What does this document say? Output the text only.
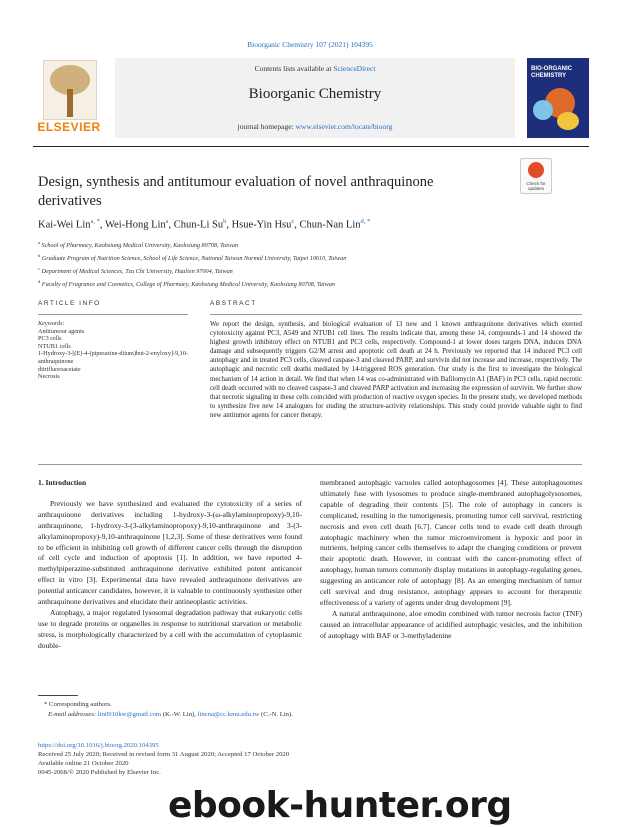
Bioorganic Chemistry 107 (2021) 104395
ELSEVIER
Contents lists available at ScienceDirect
Bioorganic Chemistry
journal homepage: www.elsevier.com/locate/bioorg
BIO-ORGANIC CHEMISTRY
Design, synthesis and antitumour evaluation of novel anthraquinone derivatives
Check for updates
Kai-Wei Lin$^{a, *}$, Wei-Hong Lin$^a$, Chun-Li Su$^b$, Hsue-Yin Hsu$^c$, Chun-Nan Lin$^{d, *}$
$^a$ School of Pharmacy, Kaohsiung Medical University, Kaohsiung 80708, Taiwan
$^b$ Graduate Program of Nutrition Science, School of Life Science, National Taiwan Normal University, Taipei 10610, Taiwan
$^c$ Department of Medical Sciences, Tzu Chi University, Hualien 97004, Taiwan
$^d$ Faculty of Fragrance and Cosmetics, College of Pharmacy, Kaohsiung Medical University, Kaohsiung 80708, Taiwan
ARTICLE INFO	ABSTRACT
Keywords:
Antitumour agents
PC3 cells
NTUB1 cells
1-Hydroxy-3-[(E)-4-(piperazine-diium)but-2-enyloxy]-9,10-anthraquinone
ditrifluoroacetate
Necrosis
We report the design, synthesis, and biological evaluation of 13 new and 1 known anthraquinone derivatives which exerted cytotoxicity against PC3, A549 and NTUB1 cell lines. The results indicate that, among these 14, compounds-1 and 14 showed the highest growth inhibitory effect on NTUB1 and PC3 cells, respectively. Compound-1 at lower doses targets DNA, induces DNA damage and subsequently triggers G2/M arrest and apoptotic cell death at 24 h. Previously we reported that 14 induced PC3 cell autophagy and in treated PC3 cells, cleaved caspase-3 and cleaved PARP, and survivin did not increase and increase, respectively. The autophagic and necrotic cell deaths mediated by 14-triggered ROS generation. Our study is the first to investigate the biological mechanism of 14 action in detail. We find that when 14 was co-administrated with Bafilomycin A1 (BAF) in PC3 cells, rapid necrotic cell death occurred with no cleaved caspase-3 and cleaved PARP activation and increasing the expression of survivin. We further show that necrotic signaling in these cells coincided with production of reactive oxygen species. In the present study, we developed methods to synthesize five new 14 analogues for studing the structure-activity relationships. This study could provide valuable sight to find new antitumor agents for cancer therapy.

1. Introduction

Previously we have synthesized and evaluated the cytotoxicity of a series of anthraquinone derivatives including 1-hydroxy-3-(ω-alkylaminopropoxy)-9,10-anthraquinone, 1-hydroxy-3-(3-alkylaminopropoxy)-9,10-anthraquinone and 3-(3-alkylaminopropoxy)-9,10-anthraquinone [1,2,3]. Some of these derivatives were found to be efficient in inhibiting cell growth of different cancer cells through the disruption of cell cycle and induction of apoptosis [1]. In addition, we have reported 4-methylpiperazine-substituted anthraquinone derivative exhibited potent anticancer effect in vitro [3]. Experimental data have revealed anthraquinone derivatives are potential anticancer candidates, however, it is valuable to continuously synthesize other anthraquinone derivatives and elucidate their antineoplastic activities.

Autophagy, a major regulated lysosomal degradation pathway that eukaryotic cells use to degrade proteins or organelles in response to nutritional starvation or metabolic stress, is morphologically characterized by a cell with the accumulation of cytoplasmic double-

membraned autophagic vacuoles called autophagosomes [4]. These autophagosomes ultimately fuse with lysosomes to produce single-membraned autophagolysosomes, capable of degrading their contents [5]. The role of autophagy in cancers is complicated, resulting in the tumorigenesis, promoting tumor cell survival, restricting necrosis and even cell death [6,7]. Cancer cells tend to evade cell death through autophagic machinery when the tumor microenviroment is hypoxic and poor in nutrients, helping cancer cells themselves to adapt the changing conditions or prevent their apoptotic death. However, in contrast with the cancer-promoting effect of autophagy, human tumors commonly display mutations in autophagy-regulating genes, suggesting an anticancer role of autophagy [8]. As an emerging mechanism of tumor cell survival and drug resistance, autophagy appears to account for therapeutic effectiveness of a variety of agents under drug development [9].

A natural anthraquinone, aloe emodin combined with tumor necrosis factor (TNF) caused an intracellular appearance of acidified autophagic vesicles, and the inhibition of autophagy with BAF or 3-methyladenine

* Corresponding authors.
E-mail addresses: lin0910kw@gmail.com (K.-W. Lin), lincna@cc.kmu.edu.tw (C.-N. Lin).
https://doi.org/10.1016/j.bioorg.2020.104395
Received 25 July 2020; Received in revised form 31 August 2020; Accepted 17 October 2020
Available online 21 October 2020
0045-2068/© 2020 Published by Elsevier Inc.
ebook-hunter.org
